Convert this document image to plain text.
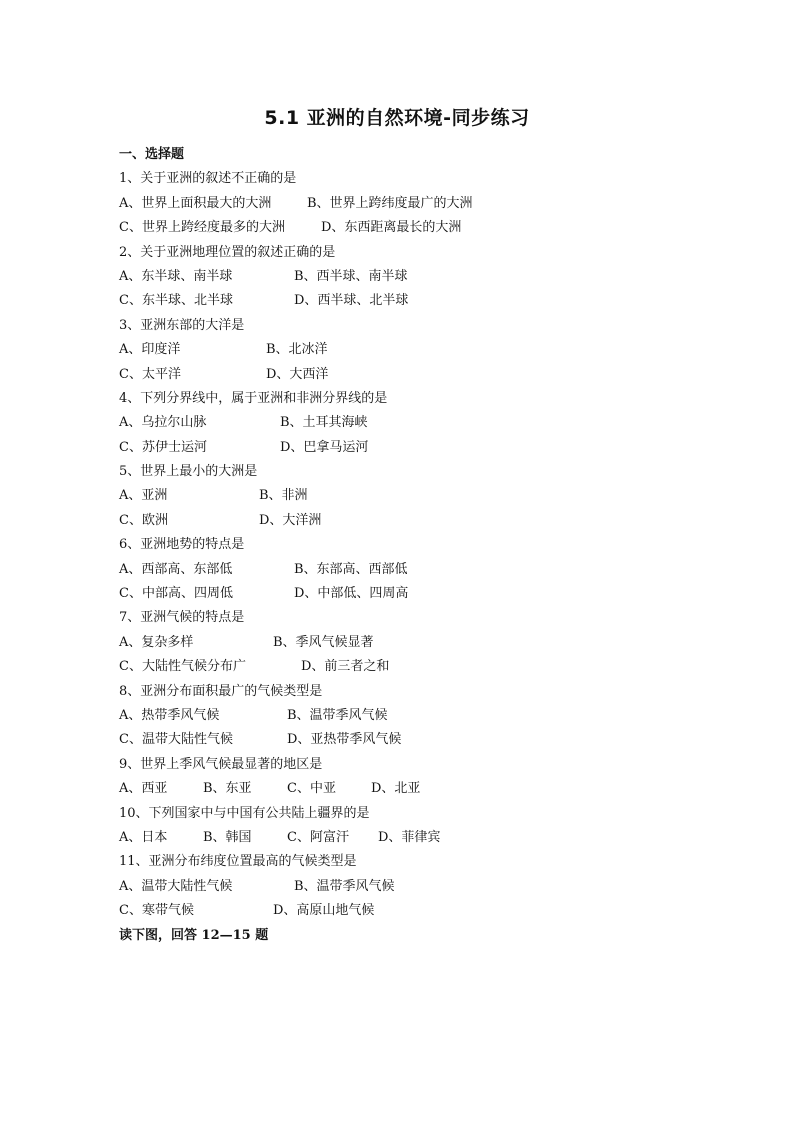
5.1 亚洲的自然环境-同步练习
一、选择题
1、关于亚洲的叙述不正确的是
A、世界上面积最大的大洲	B、世界上跨纬度最广的大洲
C、世界上跨经度最多的大洲	D、东西距离最长的大洲
2、关于亚洲地理位置的叙述正确的是
A、东半球、南半球	B、西半球、南半球
C、东半球、北半球	D、西半球、北半球
3、亚洲东部的大洋是
A、印度洋	B、北冰洋
C、太平洋	D、大西洋
4、下列分界线中，属于亚洲和非洲分界线的是
A、乌拉尔山脉	B、土耳其海峡
C、苏伊士运河	D、巴拿马运河
5、世界上最小的大洲是
A、亚洲	B、非洲
C、欧洲	D、大洋洲
6、亚洲地势的特点是
A、西部高、东部低	B、东部高、西部低
C、中部高、四周低	D、中部低、四周高
7、亚洲气候的特点是
A、复杂多样	B、季风气候显著
C、大陆性气候分布广	D、前三者之和
8、亚洲分布面积最广的气候类型是
A、热带季风气候	B、温带季风气候
C、温带大陆性气候	D、亚热带季风气候
9、世界上季风气候最显著的地区是
A、西亚	B、东亚	C、中亚	D、北亚
10、下列国家中与中国有公共陆上疆界的是
A、日本	B、韩国	C、阿富汗 D、菲律宾
11、亚洲分布纬度位置最高的气候类型是
A、温带大陆性气候	B、温带季风气候
C、寒带气候	D、高原山地气候
读下图，回答 12—15 题
